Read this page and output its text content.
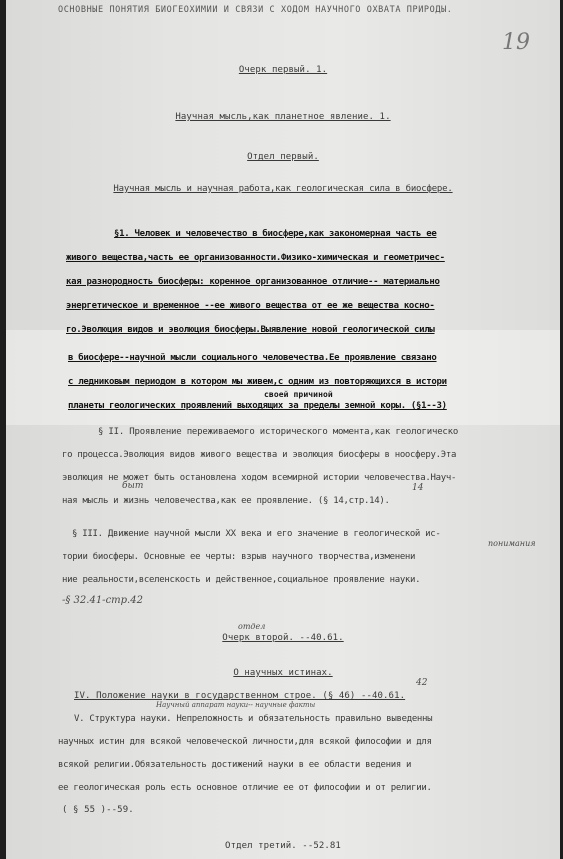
ОСНОВНЫЕ ПОНЯТИЯ БИОГЕОХИМИИ И СВЯЗИ С ХОДОМ НАУЧНОГО ОХВАТА ПРИРОДЫ.
19
Очерк первый. 1.
Научная мысль,как планетное явление. 1.
Отдел первый.
Научная мысль и научная работа,как геологическая сила в биосфере.
§1. Человек и человечество в биосфере,как закономерная часть ее
живого вещества,часть ее организованности.Физико-химическая и геометричес-
кая разнородность биосферы: коренное организованное отличие-- материально
энергетическое и временное --ее живого вещества от ее же вещества косно-
го.Эволюция видов и эволюция биосферы.Выявление новой геологической силы
в биосфере--научной мысли социального человечества.Ее проявление связано
с ледниковым периодом в котором мы живем,с одним из повторяющихся в истори
своей причиной
планеты геологических проявлений выходящих за пределы земной коры. (§1--3)
§ II. Проявление переживаемого исторического момента,как геологическо
го процесса.Эволюция видов живого вещества и эволюция биосферы в ноосферу.Эта
эволюция не может быть остановлена ходом всемирной истории человечества.Науч-
быт
ная мысль и жизнь человечества,как ее проявление. (§ 14,стр.14).
14
§ III. Движение научной мысли XX века и его значение в геологической ис-
тории биосферы. Основные ее черты: взрыв научного творчества,изменени
понимания
ние реальности,вселенскость и действенное,социальное проявление науки.
-§ 32.41-стр.42
отдел
Очерк второй. --40.61.
О научных истинах.
IV. Положение науки в государственном строе. (§ 46) --40.61.
42
Научный аппарат науки-- научные факты
V. Структура науки. Непреложность и обязательность правильно выведенны
научных истин для всякой человеческой личности,для всякой философии и для
всякой религии.Обязательность достижений науки в ее области ведения и
ее геологическая роль есть основное отличие ее от философии и от религии.
( § 55 )--59.
Отдел третий. --52.81
